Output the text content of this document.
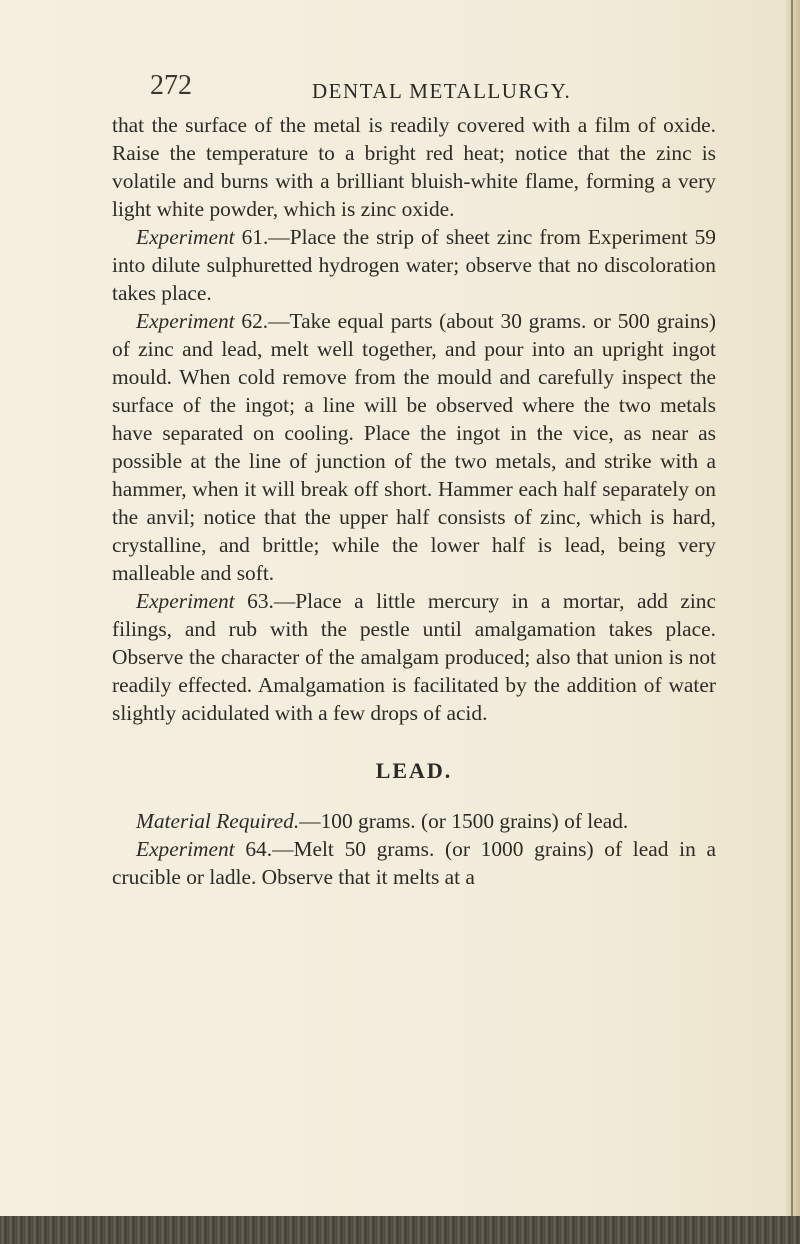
272	DENTAL METALLURGY.

that the surface of the metal is readily covered with a film of oxide. Raise the temperature to a bright red heat; notice that the zinc is volatile and burns with a brilliant bluish-white flame, forming a very light white powder, which is zinc oxide.

Experiment 61.—Place the strip of sheet zinc from Experiment 59 into dilute sulphuretted hydrogen water; observe that no discoloration takes place.

Experiment 62.—Take equal parts (about 30 grams. or 500 grains) of zinc and lead, melt well together, and pour into an upright ingot mould. When cold remove from the mould and carefully inspect the surface of the ingot; a line will be observed where the two metals have separated on cooling. Place the ingot in the vice, as near as possible at the line of junction of the two metals, and strike with a hammer, when it will break off short. Hammer each half separately on the anvil; notice that the upper half consists of zinc, which is hard, crystalline, and brittle; while the lower half is lead, being very malleable and soft.

Experiment 63.—Place a little mercury in a mortar, add zinc filings, and rub with the pestle until amalgamation takes place. Observe the character of the amalgam produced; also that union is not readily effected. Amalgamation is facilitated by the addition of water slightly acidulated with a few drops of acid.

LEAD.

Material Required.—100 grams. (or 1500 grains) of lead.

Experiment 64.—Melt 50 grams. (or 1000 grains) of lead in a crucible or ladle. Observe that it melts at a
